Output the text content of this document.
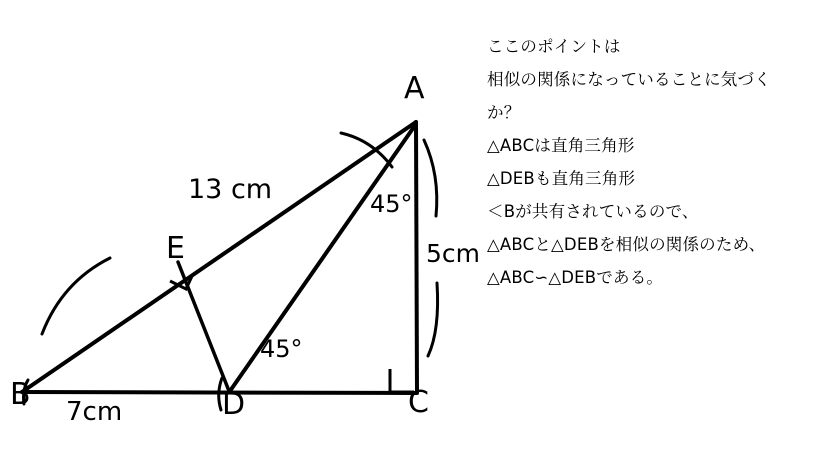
A
B	C
D
E
13 cm
5cm
7cm
45°
45°
ここのポイントは
相似の関係になっていることに気づく
か？
△ABCは直角三角形
△DEBも直角三角形
＜Bが共有されているので、
△ABCと△DEBを相似の関係のため、
△ABC∽△DEBである。
